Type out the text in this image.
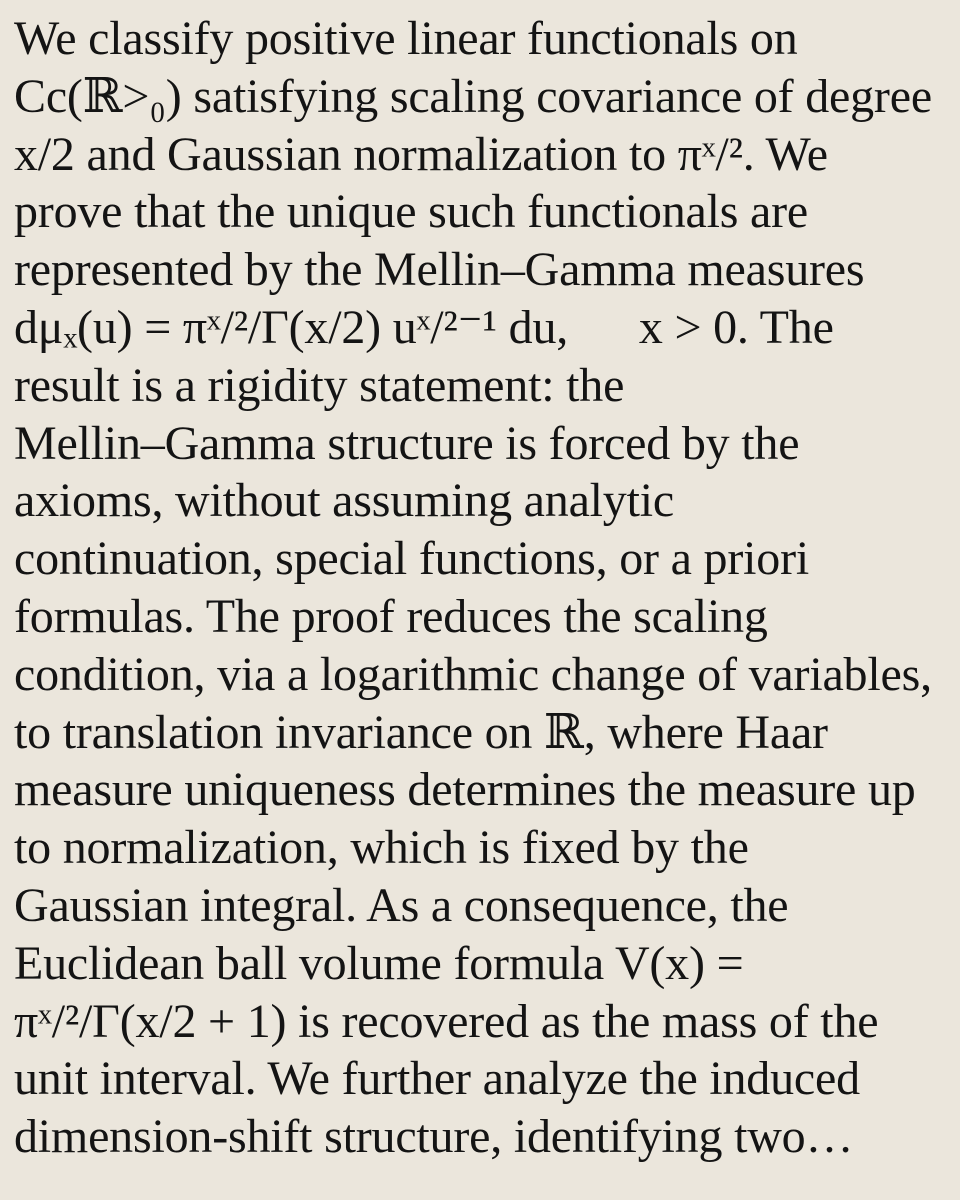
We classify positive linear functionals on
Cc(ℝ>₀) satisfying scaling covariance of degree
x/2 and Gaussian normalization to πˣ/². We
prove that the unique such functionals are
represented by the Mellin–Gamma measures
dμₓ(u) = πˣ/²/Γ(x/2) uˣ/²⁻¹ du,      x > 0. The
result is a rigidity statement: the
Mellin–Gamma structure is forced by the
axioms, without assuming analytic
continuation, special functions, or a priori
formulas. The proof reduces the scaling
condition, via a logarithmic change of variables,
to translation invariance on ℝ, where Haar
measure uniqueness determines the measure up
to normalization, which is fixed by the
Gaussian integral. As a consequence, the
Euclidean ball volume formula V(x) =
πˣ/²/Γ(x/2 + 1) is recovered as the mass of the
unit interval. We further analyze the induced
dimension-shift structure, identifying two…
